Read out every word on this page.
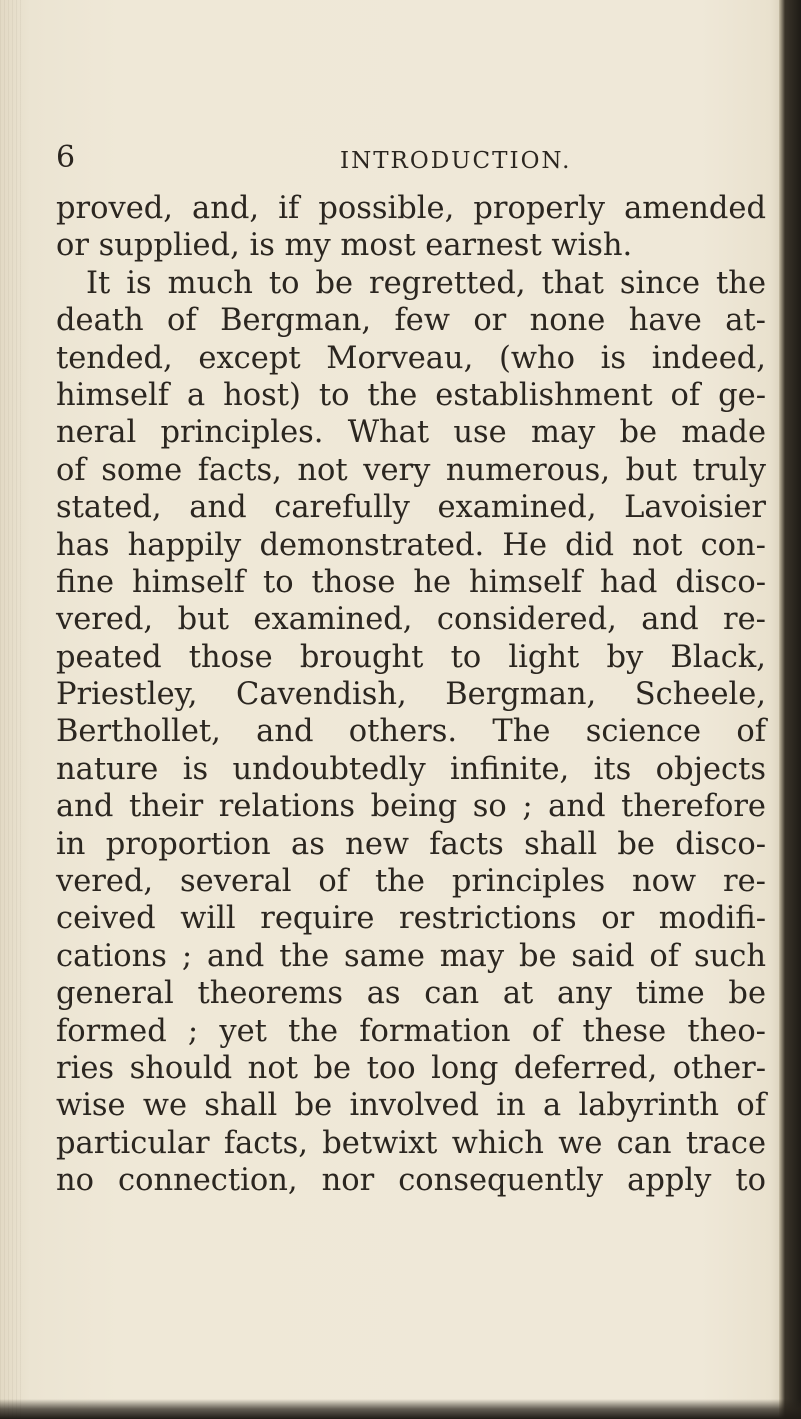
6	INTRODUCTION.
proved, and, if possible, properly amended
or supplied, is my most earnest wish.
It is much to be regretted, that since the
death of Bergman, few or none have at-
tended, except Morveau, (who is indeed,
himself a host) to the establishment of ge-
neral principles. What use may be made
of some facts, not very numerous, but truly
stated, and carefully examined, Lavoisier
has happily demonstrated. He did not con-
fine himself to those he himself had disco-
vered, but examined, considered, and re-
peated those brought to light by Black,
Priestley, Cavendish, Bergman, Scheele,
Berthollet, and others. The science of
nature is undoubtedly infinite, its objects
and their relations being so ; and therefore
in proportion as new facts shall be disco-
vered, several of the principles now re-
ceived will require restrictions or modifi-
cations ; and the same may be said of such
general theorems as can at any time be
formed ; yet the formation of these theo-
ries should not be too long deferred, other-
wise we shall be involved in a labyrinth of
particular facts, betwixt which we can trace
no connection, nor consequently apply to
